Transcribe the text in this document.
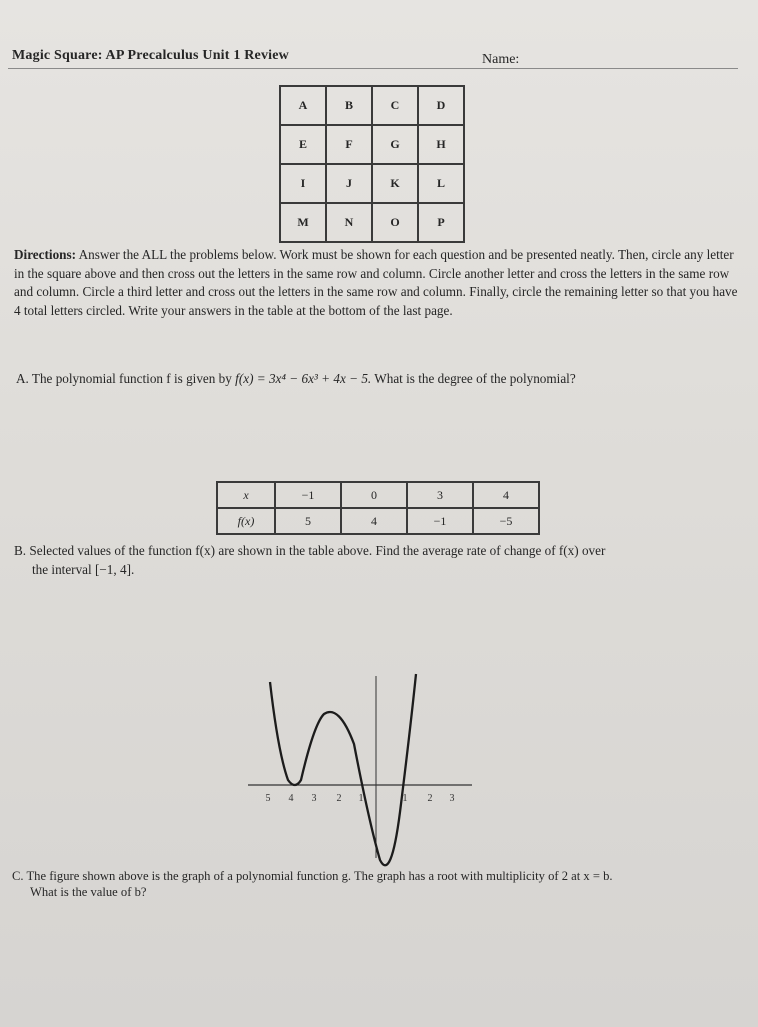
Magic Square: AP Precalculus Unit 1 Review	Name:
A	B	C	D
E	F	G	H
I	J	K	L
M	N	O	P
Directions: Answer the ALL the problems below. Work must be shown for each question and be presented neatly. Then, circle any letter in the square above and then cross out the letters in the same row and column. Circle another letter and cross the letters in the same row and column. Circle a third letter and cross out the letters in the same row and column. Finally, circle the remaining letter so that you have 4 total letters circled. Write your answers in the table at the bottom of the last page.
A. The polynomial function f is given by f(x) = 3x⁴ − 6x³ + 4x − 5. What is the degree of the polynomial?
x	−1	0	3	4
f(x)	5	4	−1	−5
B. Selected values of the function f(x) are shown in the table above. Find the average rate of change of f(x) over
the interval [−1, 4].
5 4 3 2 1	1 2 3
C. The figure shown above is the graph of a polynomial function g. The graph has a root with multiplicity of 2 at x = b.
What is the value of b?
